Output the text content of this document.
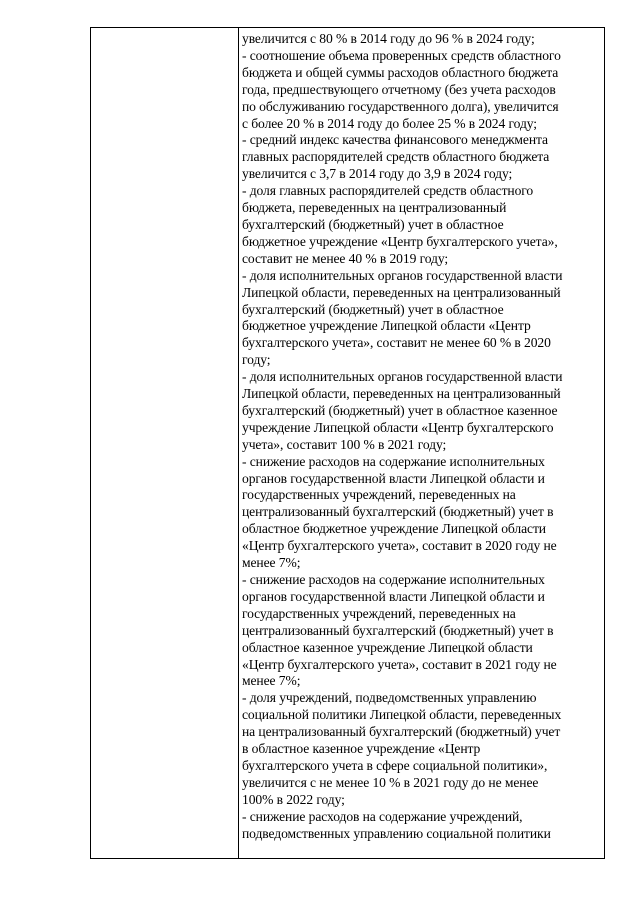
увеличится с 80 % в 2014 году до 96 % в 2024 году;
- соотношение объема проверенных средств областного
бюджета и общей суммы расходов областного бюджета
года, предшествующего отчетному (без учета расходов
по обслуживанию государственного долга), увеличится
с более 20 % в 2014 году до более 25 % в 2024 году;
- средний индекс качества финансового менеджмента
главных распорядителей средств областного бюджета
увеличится с 3,7 в 2014 году до 3,9 в 2024 году;
- доля главных распорядителей средств областного
бюджета, переведенных на централизованный
бухгалтерский (бюджетный) учет в областное
бюджетное учреждение «Центр бухгалтерского учета»,
составит не менее 40 % в 2019 году;
- доля исполнительных органов государственной власти
Липецкой области, переведенных на централизованный
бухгалтерский (бюджетный) учет в областное
бюджетное учреждение Липецкой области «Центр
бухгалтерского учета», составит не менее 60 % в 2020
году;
- доля исполнительных органов государственной власти
Липецкой области, переведенных на централизованный
бухгалтерский (бюджетный) учет в областное казенное
учреждение Липецкой области «Центр бухгалтерского
учета», составит 100 % в 2021 году;
- снижение расходов на содержание исполнительных
органов государственной власти Липецкой области и
государственных учреждений, переведенных на
централизованный бухгалтерский (бюджетный) учет в
областное бюджетное учреждение Липецкой области
«Центр бухгалтерского учета», составит в 2020 году не
менее 7%;
- снижение расходов на содержание исполнительных
органов государственной власти Липецкой области и
государственных учреждений, переведенных на
централизованный бухгалтерский (бюджетный) учет в
областное казенное учреждение Липецкой области
«Центр бухгалтерского учета», составит в 2021 году не
менее 7%;
- доля учреждений, подведомственных управлению
социальной политики Липецкой области, переведенных
на централизованный бухгалтерский (бюджетный) учет
в областное казенное учреждение «Центр
бухгалтерского учета в сфере социальной политики»,
увеличится с не менее 10 % в 2021 году до не менее
100% в 2022 году;
- снижение расходов на содержание учреждений,
подведомственных управлению социальной политики
